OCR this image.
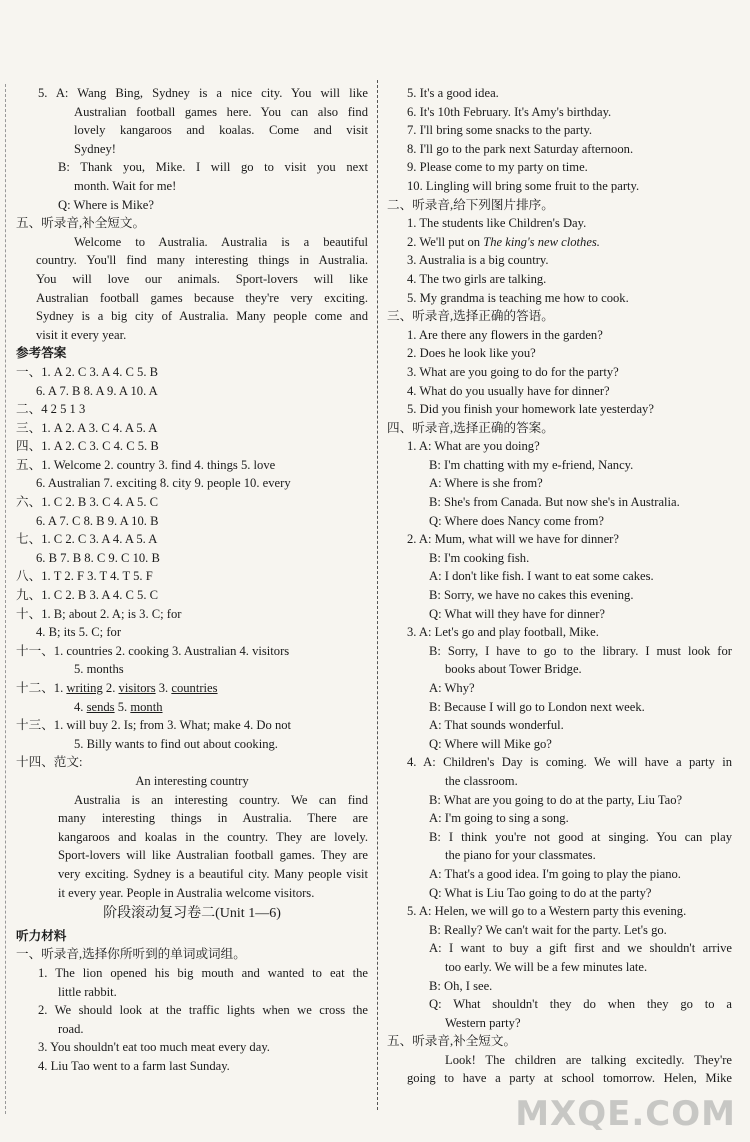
5. A: Wang Bing, Sydney is a nice city. You will like
Australian football games here. You can also find
lovely kangaroos and koalas. Come and visit
Sydney!
B: Thank you, Mike. I will go to visit you next
month. Wait for me!
Q: Where is Mike?
五、听录音,补全短文。
Welcome to Australia. Australia is a beautiful
country. You'll find many interesting things in Australia.
You will love our animals. Sport-lovers will like
Australian football games because they're very exciting.
Sydney is a big city of Australia. Many people come and
visit it every year.
参考答案
一、1. A 2. C 3. A 4. C 5. B
6. A 7. B 8. A 9. A 10. A
二、4 2 5 1 3
三、1. A 2. A 3. C 4. A 5. A
四、1. A 2. C 3. C 4. C 5. B
五、1. Welcome 2. country 3. find 4. things 5. love
6. Australian 7. exciting 8. city 9. people 10. every
六、1. C 2. B 3. C 4. A 5. C
6. A 7. C 8. B 9. A 10. B
七、1. C 2. C 3. A 4. A 5. A
6. B 7. B 8. C 9. C 10. B
八、1. T 2. F 3. T 4. T 5. F
九、1. C 2. B 3. A 4. C 5. C
十、1. B; about 2. A; is 3. C; for
4. B; its 5. C; for
十一、1. countries 2. cooking 3. Australian 4. visitors
5. months
十二、1. writing 2. visitors 3. countries
4. sends 5. month
十三、1. will buy 2. Is; from 3. What; make 4. Do not
5. Billy wants to find out about cooking.
十四、范文:
An interesting country
Australia is an interesting country. We can find
many interesting things in Australia. There are
kangaroos and koalas in the country. They are lovely.
Sport-lovers will like Australian football games. They are
very exciting. Sydney is a beautiful city. Many people visit
it every year. People in Australia welcome visitors.
阶段滚动复习卷二(Unit 1—6)
听力材料
一、听录音,选择你所听到的单词或词组。
1. The lion opened his big mouth and wanted to eat the
little rabbit.
2. We should look at the traffic lights when we cross the
road.
3. You shouldn't eat too much meat every day.
4. Liu Tao went to a farm last Sunday.
5. It's a good idea.
6. It's 10th February. It's Amy's birthday.
7. I'll bring some snacks to the party.
8. I'll go to the park next Saturday afternoon.
9. Please come to my party on time.
10. Lingling will bring some fruit to the party.
二、听录音,给下列图片排序。
1. The students like Children's Day.
2. We'll put on The king's new clothes.
3. Australia is a big country.
4. The two girls are talking.
5. My grandma is teaching me how to cook.
三、听录音,选择正确的答语。
1. Are there any flowers in the garden?
2. Does he look like you?
3. What are you going to do for the party?
4. What do you usually have for dinner?
5. Did you finish your homework late yesterday?
四、听录音,选择正确的答案。
1. A: What are you doing?
B: I'm chatting with my e-friend, Nancy.
A: Where is she from?
B: She's from Canada. But now she's in Australia.
Q: Where does Nancy come from?
2. A: Mum, what will we have for dinner?
B: I'm cooking fish.
A: I don't like fish. I want to eat some cakes.
B: Sorry, we have no cakes this evening.
Q: What will they have for dinner?
3. A: Let's go and play football, Mike.
B: Sorry, I have to go to the library. I must look for
books about Tower Bridge.
A: Why?
B: Because I will go to London next week.
A: That sounds wonderful.
Q: Where will Mike go?
4. A: Children's Day is coming. We will have a party in
the classroom.
B: What are you going to do at the party, Liu Tao?
A: I'm going to sing a song.
B: I think you're not good at singing. You can play
the piano for your classmates.
A: That's a good idea. I'm going to play the piano.
Q: What is Liu Tao going to do at the party?
5. A: Helen, we will go to a Western party this evening.
B: Really? We can't wait for the party. Let's go.
A: I want to buy a gift first and we shouldn't arrive
too early. We will be a few minutes late.
B: Oh, I see.
Q: What shouldn't they do when they go to a
Western party?
五、听录音,补全短文。
Look! The children are talking excitedly. They're
going to have a party at school tomorrow. Helen, Mike
MXQE.COM
